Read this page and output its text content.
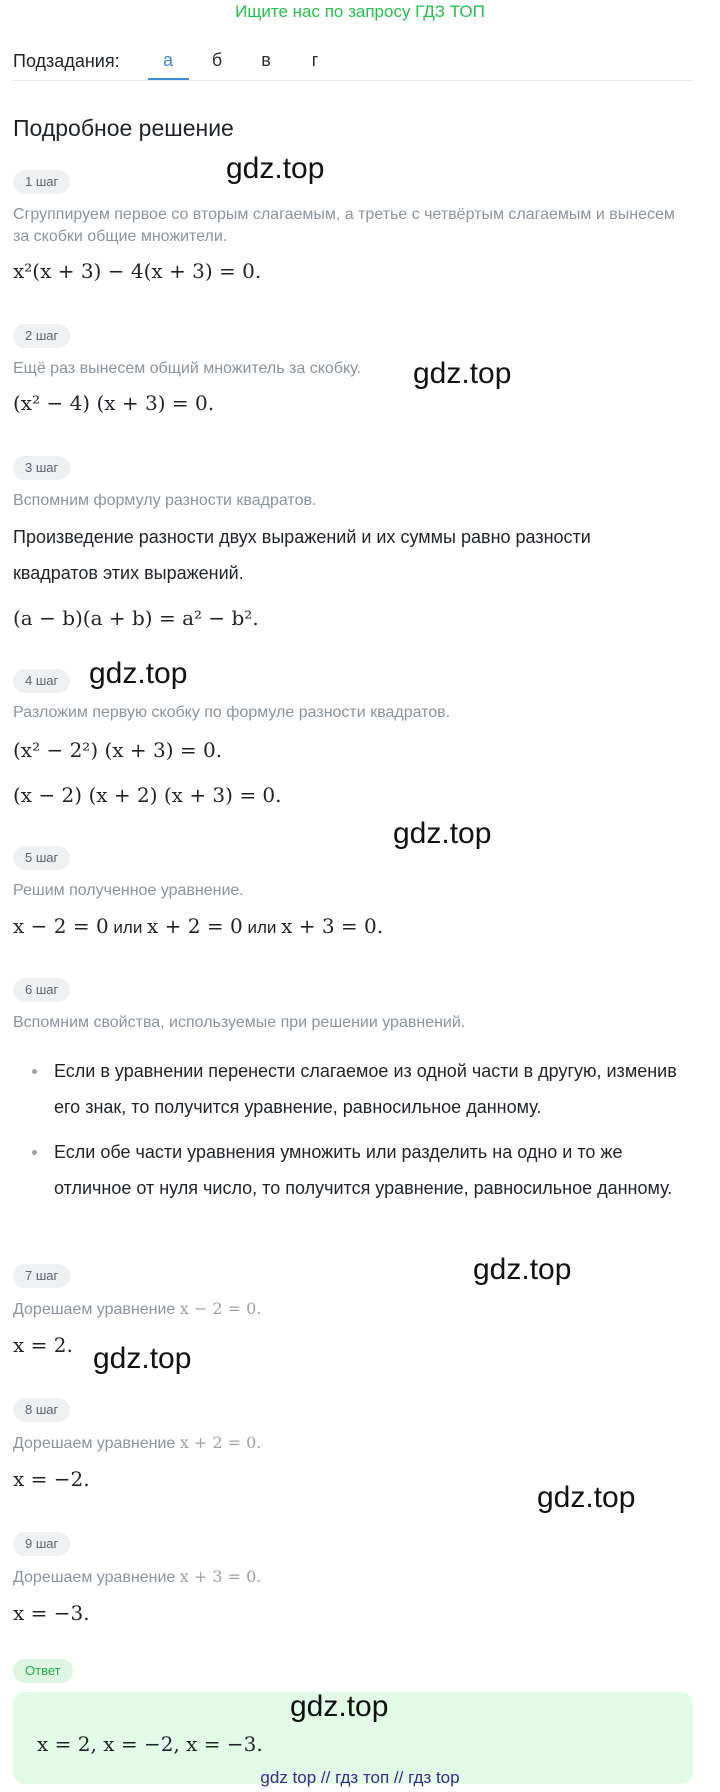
Ищите нас по запросу ГДЗ ТОП
Подзадания:	а	б	в	г
Подробное решение
1 шаг
Сгруппируем первое со вторым слагаемым, а третье с четвёртым слагаемым и вынесем
за скобки общие множители.
x²(x + 3) − 4(x + 3) = 0.
2 шаг
Ещё раз вынесем общий множитель за скобку.
(x² − 4) (x + 3) = 0.
3 шаг
Вспомним формулу разности квадратов.
Произведение разности двух выражений и их суммы равно разности
квадратов этих выражений.
(a − b)(a + b) = a² − b².
4 шаг
Разложим первую скобку по формуле разности квадратов.
(x² − 2²) (x + 3) = 0.
(x − 2) (x + 2) (x + 3) = 0.
5 шаг
Решим полученное уравнение.
x − 2 = 0 или x + 2 = 0 или x + 3 = 0.
6 шаг
Вспомним свойства, используемые при решении уравнений.
Если в уравнении перенести слагаемое из одной части в другую, изменив его знак, то получится уравнение, равносильное данному.
Если обе части уравнения умножить или разделить на одно и то же отличное от нуля число, то получится уравнение, равносильное данному.
7 шаг
Дорешаем уравнение x − 2 = 0.
x = 2.
8 шаг
Дорешаем уравнение x + 2 = 0.
x = −2.
9 шаг
Дорешаем уравнение x + 3 = 0.
x = −3.
Ответ
x = 2, x = −2, x = −3.
gdz.top
gdz.top
gdz.top
gdz.top
gdz.top
gdz.top
gdz.top
gdz.top
gdz top // гдз топ // гдз top
